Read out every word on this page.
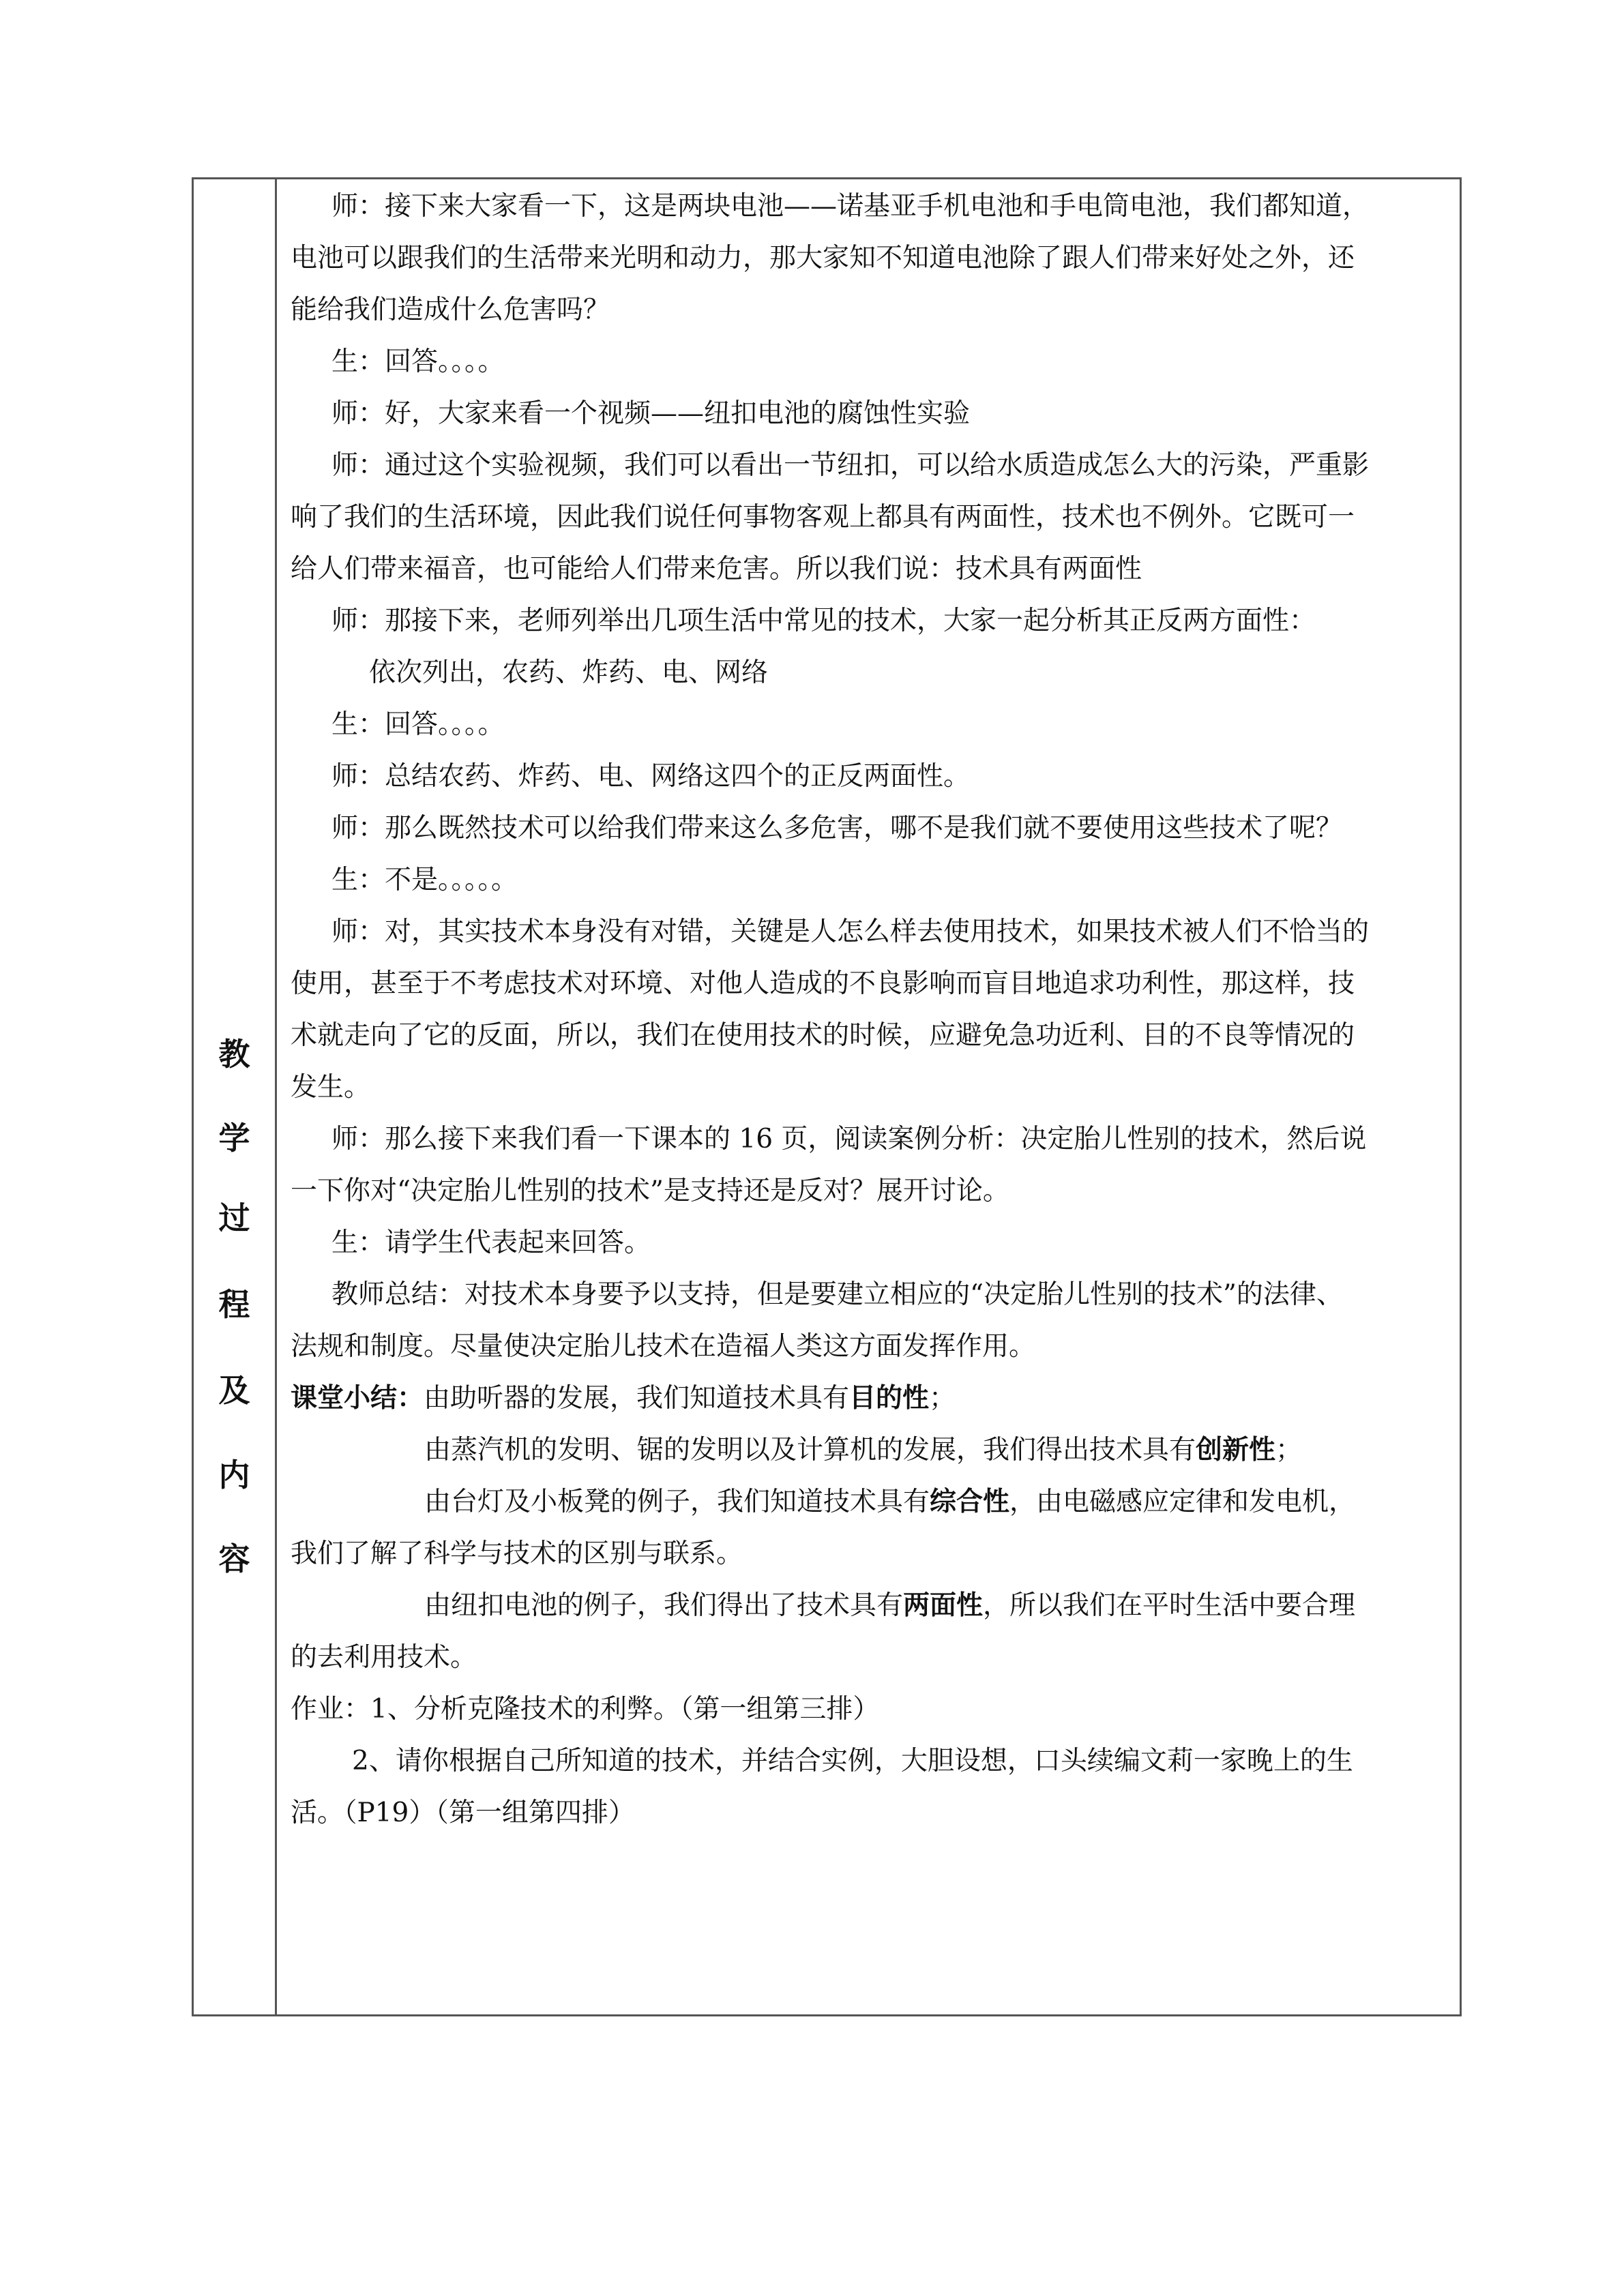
教
学
过
程
及
内
容
师：接下来大家看一下，这是两块电池——诺基亚手机电池和手电筒电池，我们都知道，
电池可以跟我们的生活带来光明和动力，那大家知不知道电池除了跟人们带来好处之外，还
能给我们造成什么危害吗？
生：回答。。。。
师：好，大家来看一个视频——纽扣电池的腐蚀性实验
师：通过这个实验视频，我们可以看出一节纽扣，可以给水质造成怎么大的污染，严重影
响了我们的生活环境，因此我们说任何事物客观上都具有两面性，技术也不例外。它既可一
给人们带来福音，也可能给人们带来危害。所以我们说：技术具有两面性
师：那接下来，老师列举出几项生活中常见的技术，大家一起分析其正反两方面性：
依次列出，农药、炸药、电、网络
生：回答。。。。
师：总结农药、炸药、电、网络这四个的正反两面性。
师：那么既然技术可以给我们带来这么多危害，哪不是我们就不要使用这些技术了呢？
生：不是。。。。。
师：对，其实技术本身没有对错，关键是人怎么样去使用技术，如果技术被人们不恰当的
使用，甚至于不考虑技术对环境、对他人造成的不良影响而盲目地追求功利性，那这样，技
术就走向了它的反面，所以，我们在使用技术的时候，应避免急功近利、目的不良等情况的
发生。
师：那么接下来我们看一下课本的 16 页，阅读案例分析：决定胎儿性别的技术，然后说
一下你对“决定胎儿性别的技术”是支持还是反对？展开讨论。
生：请学生代表起来回答。
教师总结：对技术本身要予以支持，但是要建立相应的“决定胎儿性别的技术”的法律、
法规和制度。尽量使决定胎儿技术在造福人类这方面发挥作用。
课堂小结：由助听器的发展，我们知道技术具有目的性；
由蒸汽机的发明、锯的发明以及计算机的发展，我们得出技术具有创新性；
由台灯及小板凳的例子，我们知道技术具有综合性，由电磁感应定律和发电机，
我们了解了科学与技术的区别与联系。
由纽扣电池的例子，我们得出了技术具有两面性，所以我们在平时生活中要合理
的去利用技术。
作业：1、分析克隆技术的利弊。（第一组第三排）
2、请你根据自己所知道的技术，并结合实例，大胆设想，口头续编文莉一家晚上的生
活。（P19）（第一组第四排）
